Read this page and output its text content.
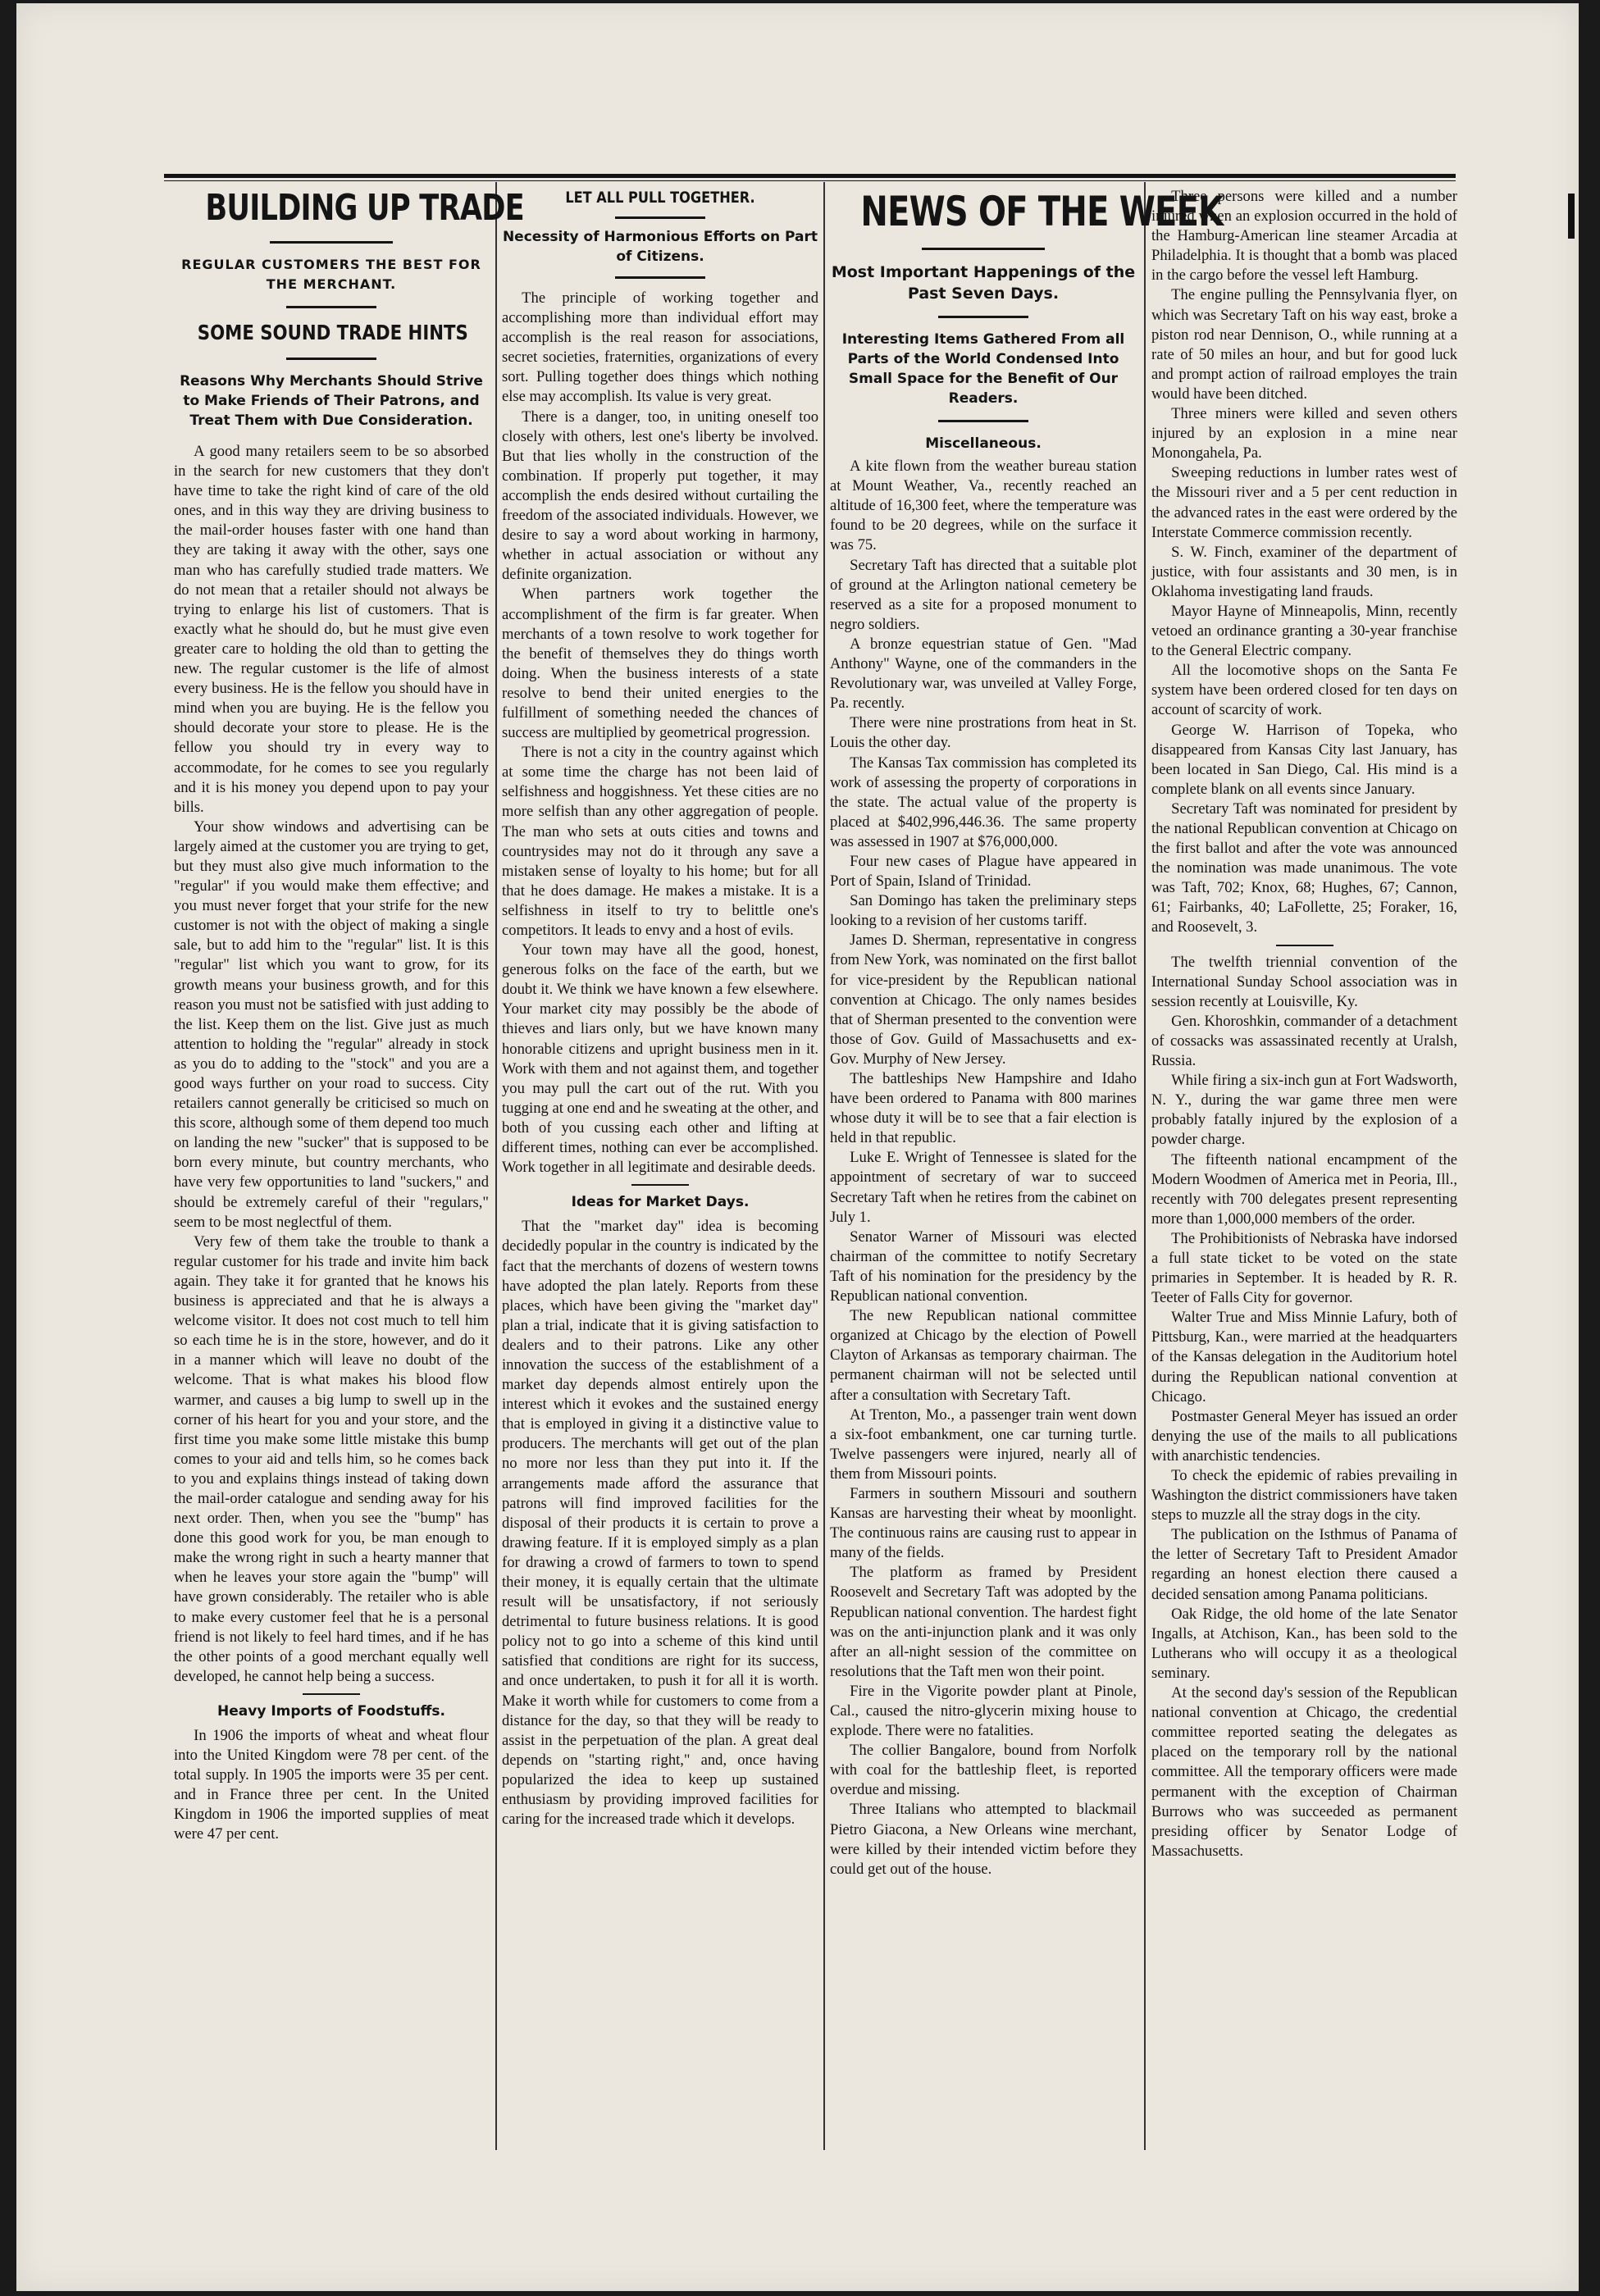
BUILDING UP TRADE
REGULAR CUSTOMERS THE BEST FOR THE MERCHANT.
SOME SOUND TRADE HINTS
Reasons Why Merchants Should Strive to Make Friends of Their Patrons, and Treat Them with Due Consideration.

A good many retailers seem to be so absorbed in the search for new customers that they don't have time to take the right kind of care of the old ones, and in this way they are driving business to the mail-order houses faster with one hand than they are taking it away with the other, says one man who has carefully studied trade matters. We do not mean that a retailer should not always be trying to enlarge his list of customers. That is exactly what he should do, but he must give even greater care to holding the old than to getting the new. The regular customer is the life of almost every business. He is the fellow you should have in mind when you are buying. He is the fellow you should decorate your store to please. He is the fellow you should try in every way to accommodate, for he comes to see you regularly and it is his money you depend upon to pay your bills.

Your show windows and advertising can be largely aimed at the customer you are trying to get, but they must also give much information to the "regular" if you would make them effective; and you must never forget that your strife for the new customer is not with the object of making a single sale, but to add him to the "regular" list. It is this "regular" list which you want to grow, for its growth means your business growth, and for this reason you must not be satisfied with just adding to the list. Keep them on the list. Give just as much attention to holding the "regular" already in stock as you do to adding to the "stock" and you are a good ways further on your road to success. City retailers cannot generally be criticised so much on this score, although some of them depend too much on landing the new "sucker" that is supposed to be born every minute, but country merchants, who have very few opportunities to land "suckers," and should be extremely careful of their "regulars," seem to be most neglectful of them.

Very few of them take the trouble to thank a regular customer for his trade and invite him back again. They take it for granted that he knows his business is appreciated and that he is always a welcome visitor. It does not cost much to tell him so each time he is in the store, however, and do it in a manner which will leave no doubt of the welcome. That is what makes his blood flow warmer, and causes a big lump to swell up in the corner of his heart for you and your store, and the first time you make some little mistake this bump comes to your aid and tells him, so he comes back to you and explains things instead of taking down the mail-order catalogue and sending away for his next order. Then, when you see the "bump" has done this good work for you, be man enough to make the wrong right in such a hearty manner that when he leaves your store again the "bump" will have grown considerably. The retailer who is able to make every customer feel that he is a personal friend is not likely to feel hard times, and if he has the other points of a good merchant equally well developed, he cannot help being a success.

Heavy Imports of Foodstuffs.

In 1906 the imports of wheat and wheat flour into the United Kingdom were 78 per cent. of the total supply. In 1905 the imports were 35 per cent. and in France three per cent. In the United Kingdom in 1906 the imported supplies of meat were 47 per cent.

LET ALL PULL TOGETHER.
Necessity of Harmonious Efforts on Part of Citizens.

The principle of working together and accomplishing more than individual effort may accomplish is the real reason for associations, secret societies, fraternities, organizations of every sort. Pulling together does things which nothing else may accomplish. Its value is very great.

There is a danger, too, in uniting oneself too closely with others, lest one's liberty be involved. But that lies wholly in the construction of the combination. If properly put together, it may accomplish the ends desired without curtailing the freedom of the associated individuals. However, we desire to say a word about working in harmony, whether in actual association or without any definite organization.

When partners work together the accomplishment of the firm is far greater. When merchants of a town resolve to work together for the benefit of themselves they do things worth doing. When the business interests of a state resolve to bend their united energies to the fulfillment of something needed the chances of success are multiplied by geometrical progression.

There is not a city in the country against which at some time the charge has not been laid of selfishness and hoggishness. Yet these cities are no more selfish than any other aggregation of people. The man who sets at outs cities and towns and countrysides may not do it through any save a mistaken sense of loyalty to his home; but for all that he does damage. He makes a mistake. It is a selfishness in itself to try to belittle one's competitors. It leads to envy and a host of evils.

Your town may have all the good, honest, generous folks on the face of the earth, but we doubt it. We think we have known a few elsewhere. Your market city may possibly be the abode of thieves and liars only, but we have known many honorable citizens and upright business men in it. Work with them and not against them, and together you may pull the cart out of the rut. With you tugging at one end and he sweating at the other, and both of you cussing each other and lifting at different times, nothing can ever be accomplished. Work together in all legitimate and desirable deeds.

Ideas for Market Days.

That the "market day" idea is becoming decidedly popular in the country is indicated by the fact that the merchants of dozens of western towns have adopted the plan lately. Reports from these places, which have been giving the "market day" plan a trial, indicate that it is giving satisfaction to dealers and to their patrons. Like any other innovation the success of the establishment of a market day depends almost entirely upon the interest which it evokes and the sustained energy that is employed in giving it a distinctive value to producers. The merchants will get out of the plan no more nor less than they put into it. If the arrangements made afford the assurance that patrons will find improved facilities for the disposal of their products it is certain to prove a drawing feature. If it is employed simply as a plan for drawing a crowd of farmers to town to spend their money, it is equally certain that the ultimate result will be unsatisfactory, if not seriously detrimental to future business relations. It is good policy not to go into a scheme of this kind until satisfied that conditions are right for its success, and once undertaken, to push it for all it is worth. Make it worth while for customers to come from a distance for the day, so that they will be ready to assist in the perpetuation of the plan. A great deal depends on "starting right," and, once having popularized the idea to keep up sustained enthusiasm by providing improved facilities for caring for the increased trade which it develops.

NEWS OF THE WEEK
Most Important Happenings of the Past Seven Days.
Interesting Items Gathered From all Parts of the World Condensed Into Small Space for the Benefit of Our Readers.
Miscellaneous.

A kite flown from the weather bureau station at Mount Weather, Va., recently reached an altitude of 16,300 feet, where the temperature was found to be 20 degrees, while on the surface it was 75.

Secretary Taft has directed that a suitable plot of ground at the Arlington national cemetery be reserved as a site for a proposed monument to negro soldiers.

A bronze equestrian statue of Gen. "Mad Anthony" Wayne, one of the commanders in the Revolutionary war, was unveiled at Valley Forge, Pa. recently.

There were nine prostrations from heat in St. Louis the other day.

The Kansas Tax commission has completed its work of assessing the property of corporations in the state. The actual value of the property is placed at $402,996,446.36. The same property was assessed in 1907 at $76,000,000.

Four new cases of Plague have appeared in Port of Spain, Island of Trinidad.

San Domingo has taken the preliminary steps looking to a revision of her customs tariff.

James D. Sherman, representative in congress from New York, was nominated on the first ballot for vice-president by the Republican national convention at Chicago. The only names besides that of Sherman presented to the convention were those of Gov. Guild of Massachusetts and ex-Gov. Murphy of New Jersey.

The battleships New Hampshire and Idaho have been ordered to Panama with 800 marines whose duty it will be to see that a fair election is held in that republic.

Luke E. Wright of Tennessee is slated for the appointment of secretary of war to succeed Secretary Taft when he retires from the cabinet on July 1.

Senator Warner of Missouri was elected chairman of the committee to notify Secretary Taft of his nomination for the presidency by the Republican national convention.

The new Republican national committee organized at Chicago by the election of Powell Clayton of Arkansas as temporary chairman. The permanent chairman will not be selected until after a consultation with Secretary Taft.

At Trenton, Mo., a passenger train went down a six-foot embankment, one car turning turtle. Twelve passengers were injured, nearly all of them from Missouri points.

Farmers in southern Missouri and southern Kansas are harvesting their wheat by moonlight. The continuous rains are causing rust to appear in many of the fields.

The platform as framed by President Roosevelt and Secretary Taft was adopted by the Republican national convention. The hardest fight was on the anti-injunction plank and it was only after an all-night session of the committee on resolutions that the Taft men won their point.

Fire in the Vigorite powder plant at Pinole, Cal., caused the nitro-glycerin mixing house to explode. There were no fatalities.

The collier Bangalore, bound from Norfolk with coal for the battleship fleet, is reported overdue and missing.

Three Italians who attempted to blackmail Pietro Giacona, a New Orleans wine merchant, were killed by their intended victim before they could get out of the house.

Three persons were killed and a number injured when an explosion occurred in the hold of the Hamburg-American line steamer Arcadia at Philadelphia. It is thought that a bomb was placed in the cargo before the vessel left Hamburg.

The engine pulling the Pennsylvania flyer, on which was Secretary Taft on his way east, broke a piston rod near Dennison, O., while running at a rate of 50 miles an hour, and but for good luck and prompt action of railroad employes the train would have been ditched.

Three miners were killed and seven others injured by an explosion in a mine near Monongahela, Pa.

Sweeping reductions in lumber rates west of the Missouri river and a 5 per cent reduction in the advanced rates in the east were ordered by the Interstate Commerce commission recently.

S. W. Finch, examiner of the department of justice, with four assistants and 30 men, is in Oklahoma investigating land frauds.

Mayor Hayne of Minneapolis, Minn, recently vetoed an ordinance granting a 30-year franchise to the General Electric company.

All the locomotive shops on the Santa Fe system have been ordered closed for ten days on account of scarcity of work.

George W. Harrison of Topeka, who disappeared from Kansas City last January, has been located in San Diego, Cal. His mind is a complete blank on all events since January.

Secretary Taft was nominated for president by the national Republican convention at Chicago on the first ballot and after the vote was announced the nomination was made unanimous. The vote was Taft, 702; Knox, 68; Hughes, 67; Cannon, 61; Fairbanks, 40; LaFollette, 25; Foraker, 16, and Roosevelt, 3.

The twelfth triennial convention of the International Sunday School association was in session recently at Louisville, Ky.

Gen. Khoroshkin, commander of a detachment of cossacks was assassinated recently at Uralsh, Russia.

While firing a six-inch gun at Fort Wadsworth, N. Y., during the war game three men were probably fatally injured by the explosion of a powder charge.

The fifteenth national encampment of the Modern Woodmen of America met in Peoria, Ill., recently with 700 delegates present representing more than 1,000,000 members of the order.

The Prohibitionists of Nebraska have indorsed a full state ticket to be voted on the state primaries in September. It is headed by R. R. Teeter of Falls City for governor.

Walter True and Miss Minnie Lafury, both of Pittsburg, Kan., were married at the headquarters of the Kansas delegation in the Auditorium hotel during the Republican national convention at Chicago.

Postmaster General Meyer has issued an order denying the use of the mails to all publications with anarchistic tendencies.

To check the epidemic of rabies prevailing in Washington the district commissioners have taken steps to muzzle all the stray dogs in the city.

The publication on the Isthmus of Panama of the letter of Secretary Taft to President Amador regarding an honest election there caused a decided sensation among Panama politicians.

Oak Ridge, the old home of the late Senator Ingalls, at Atchison, Kan., has been sold to the Lutherans who will occupy it as a theological seminary.

At the second day's session of the Republican national convention at Chicago, the credential committee reported seating the delegates as placed on the temporary roll by the national committee. All the temporary officers were made permanent with the exception of Chairman Burrows who was succeeded as permanent presiding officer by Senator Lodge of Massachusetts.
